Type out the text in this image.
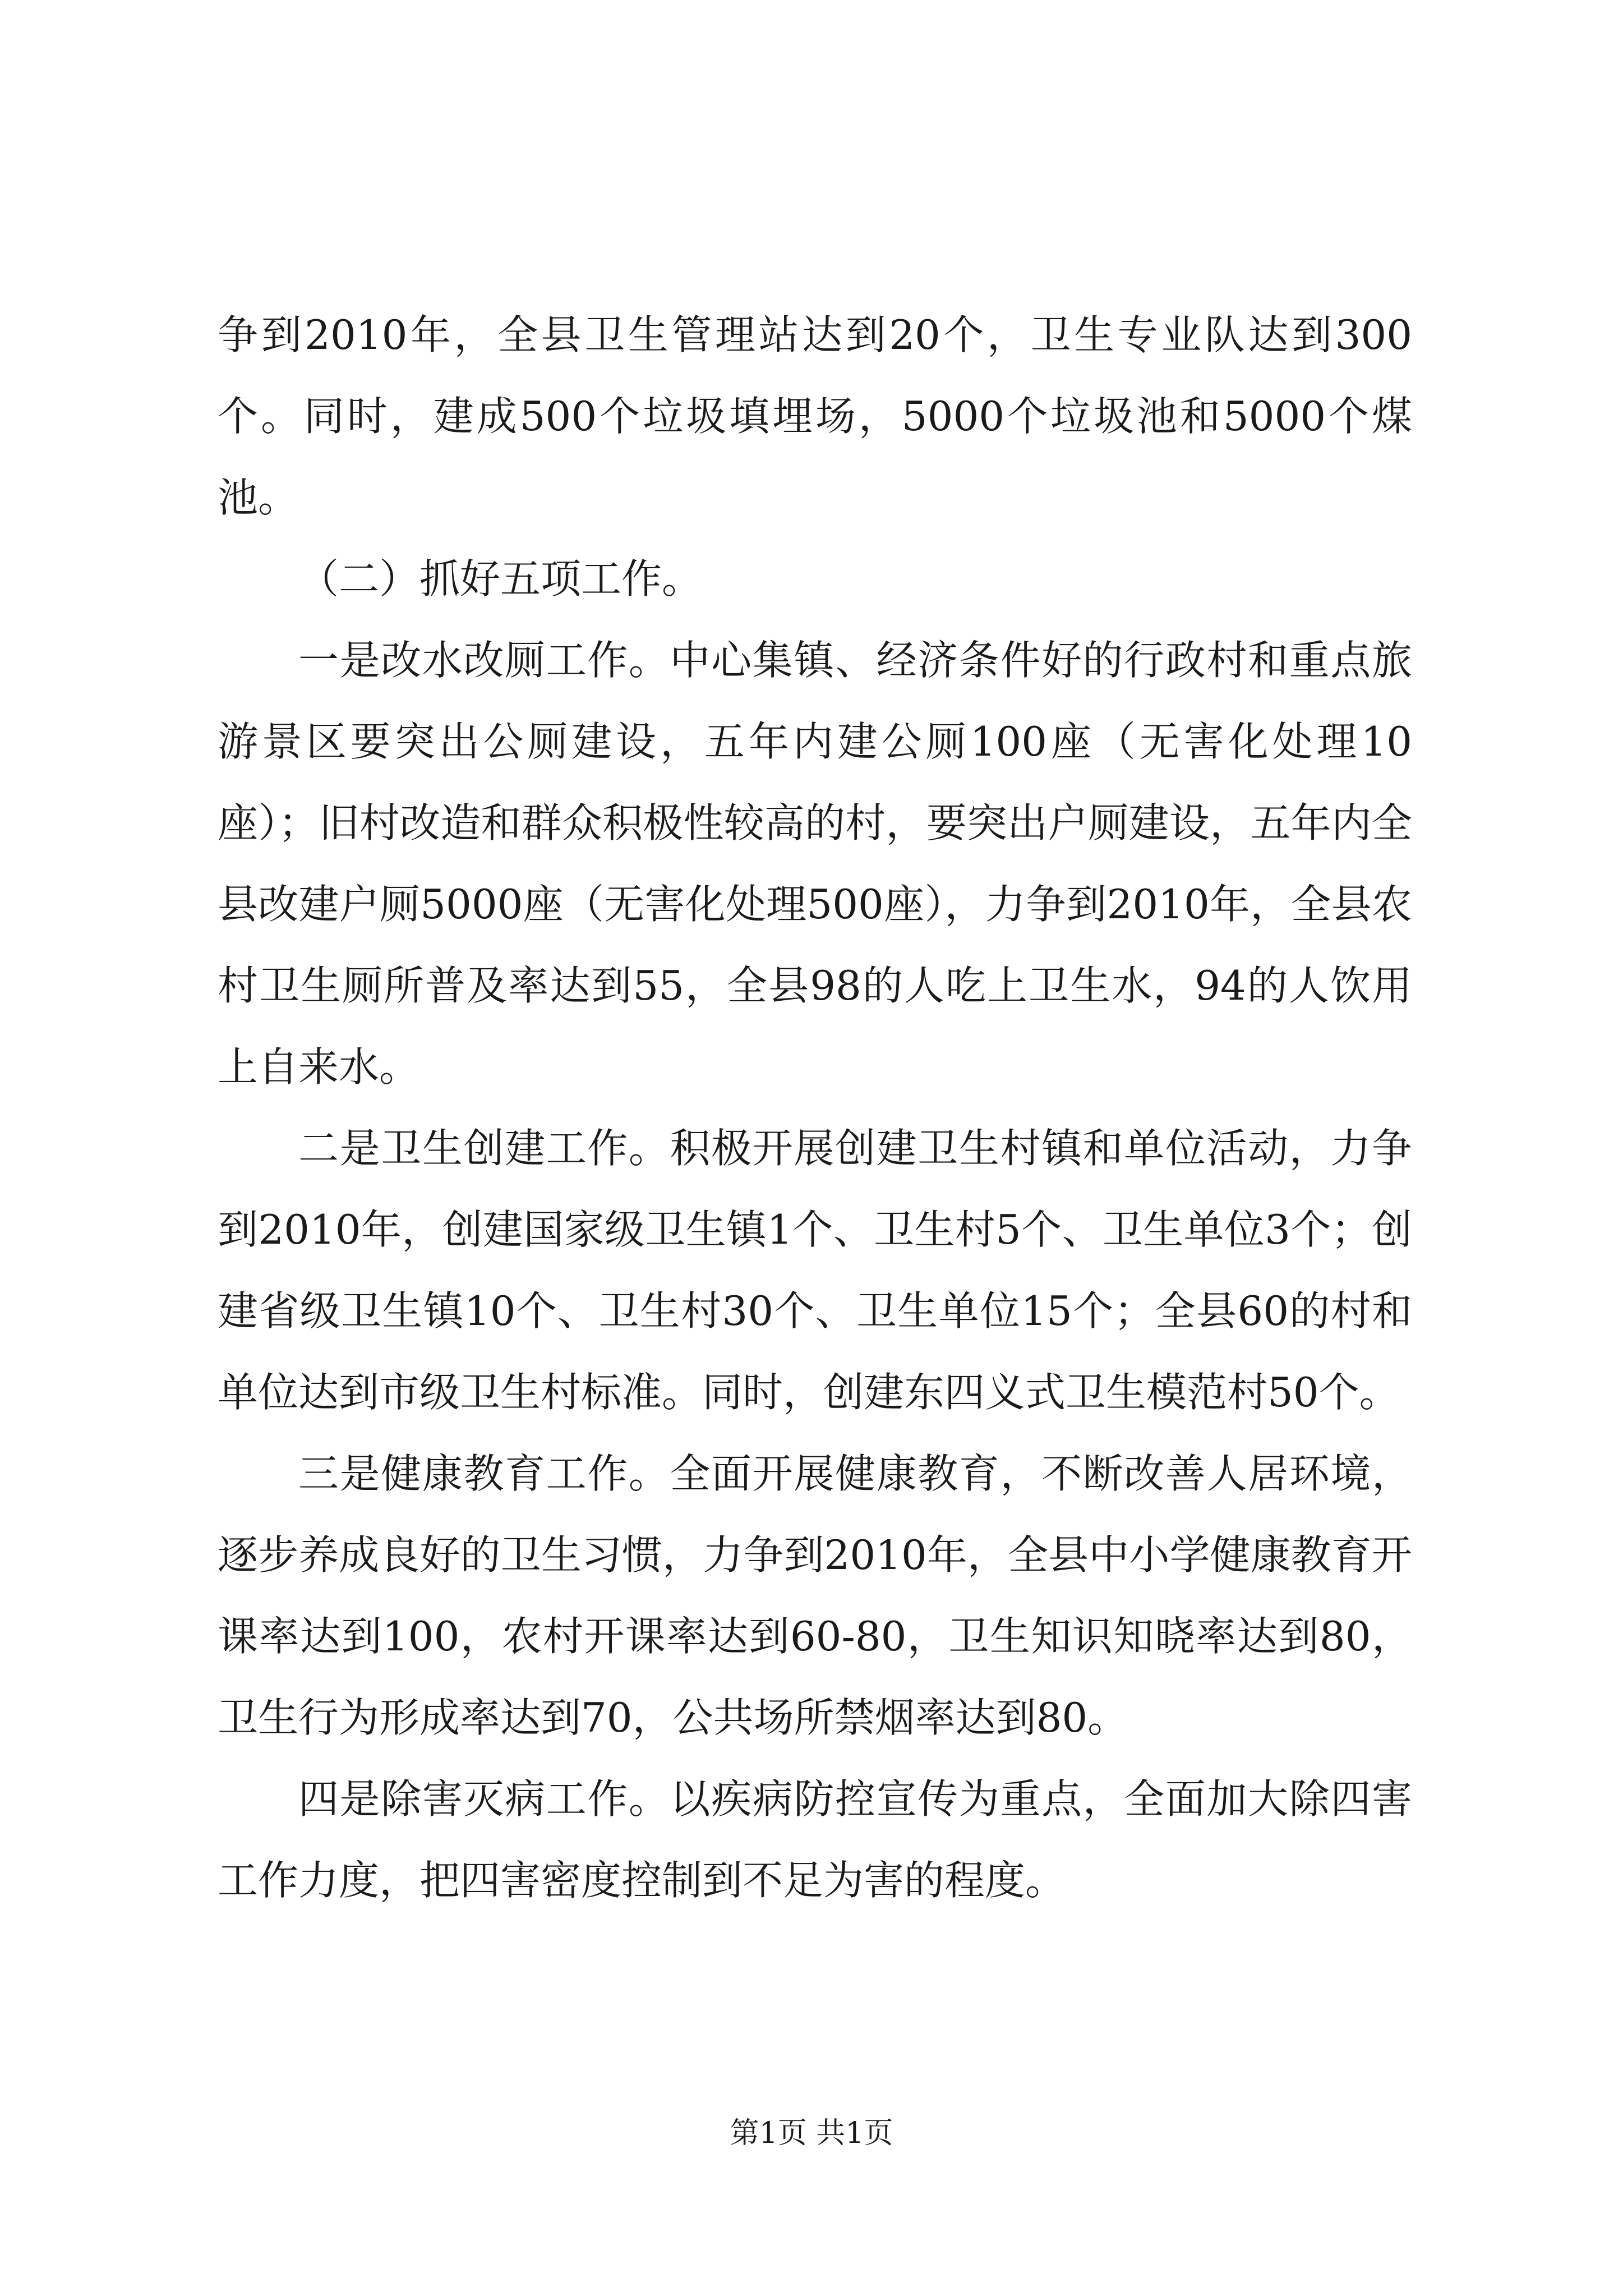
争到2010年，全县卫生管理站达到20个，卫生专业队达到300个。同时，建成500个垃圾填埋场，5000个垃圾池和5000个煤池。

（二）抓好五项工作。

一是改水改厕工作。中心集镇、经济条件好的行政村和重点旅游景区要突出公厕建设，五年内建公厕100座（无害化处理10座）；旧村改造和群众积极性较高的村，要突出户厕建设，五年内全县改建户厕5000座（无害化处理500座），力争到2010年，全县农村卫生厕所普及率达到55，全县98的人吃上卫生水，94的人饮用上自来水。

二是卫生创建工作。积极开展创建卫生村镇和单位活动，力争到2010年，创建国家级卫生镇1个、卫生村5个、卫生单位3个；创建省级卫生镇10个、卫生村30个、卫生单位15个；全县60的村和单位达到市级卫生村标准。同时，创建东四义式卫生模范村50个。

三是健康教育工作。全面开展健康教育，不断改善人居环境，逐步养成良好的卫生习惯，力争到2010年，全县中小学健康教育开课率达到100，农村开课率达到60-80，卫生知识知晓率达到80，卫生行为形成率达到70，公共场所禁烟率达到80。

四是除害灭病工作。以疾病防控宣传为重点，全面加大除四害工作力度，把四害密度控制到不足为害的程度。

第1页 共1页
